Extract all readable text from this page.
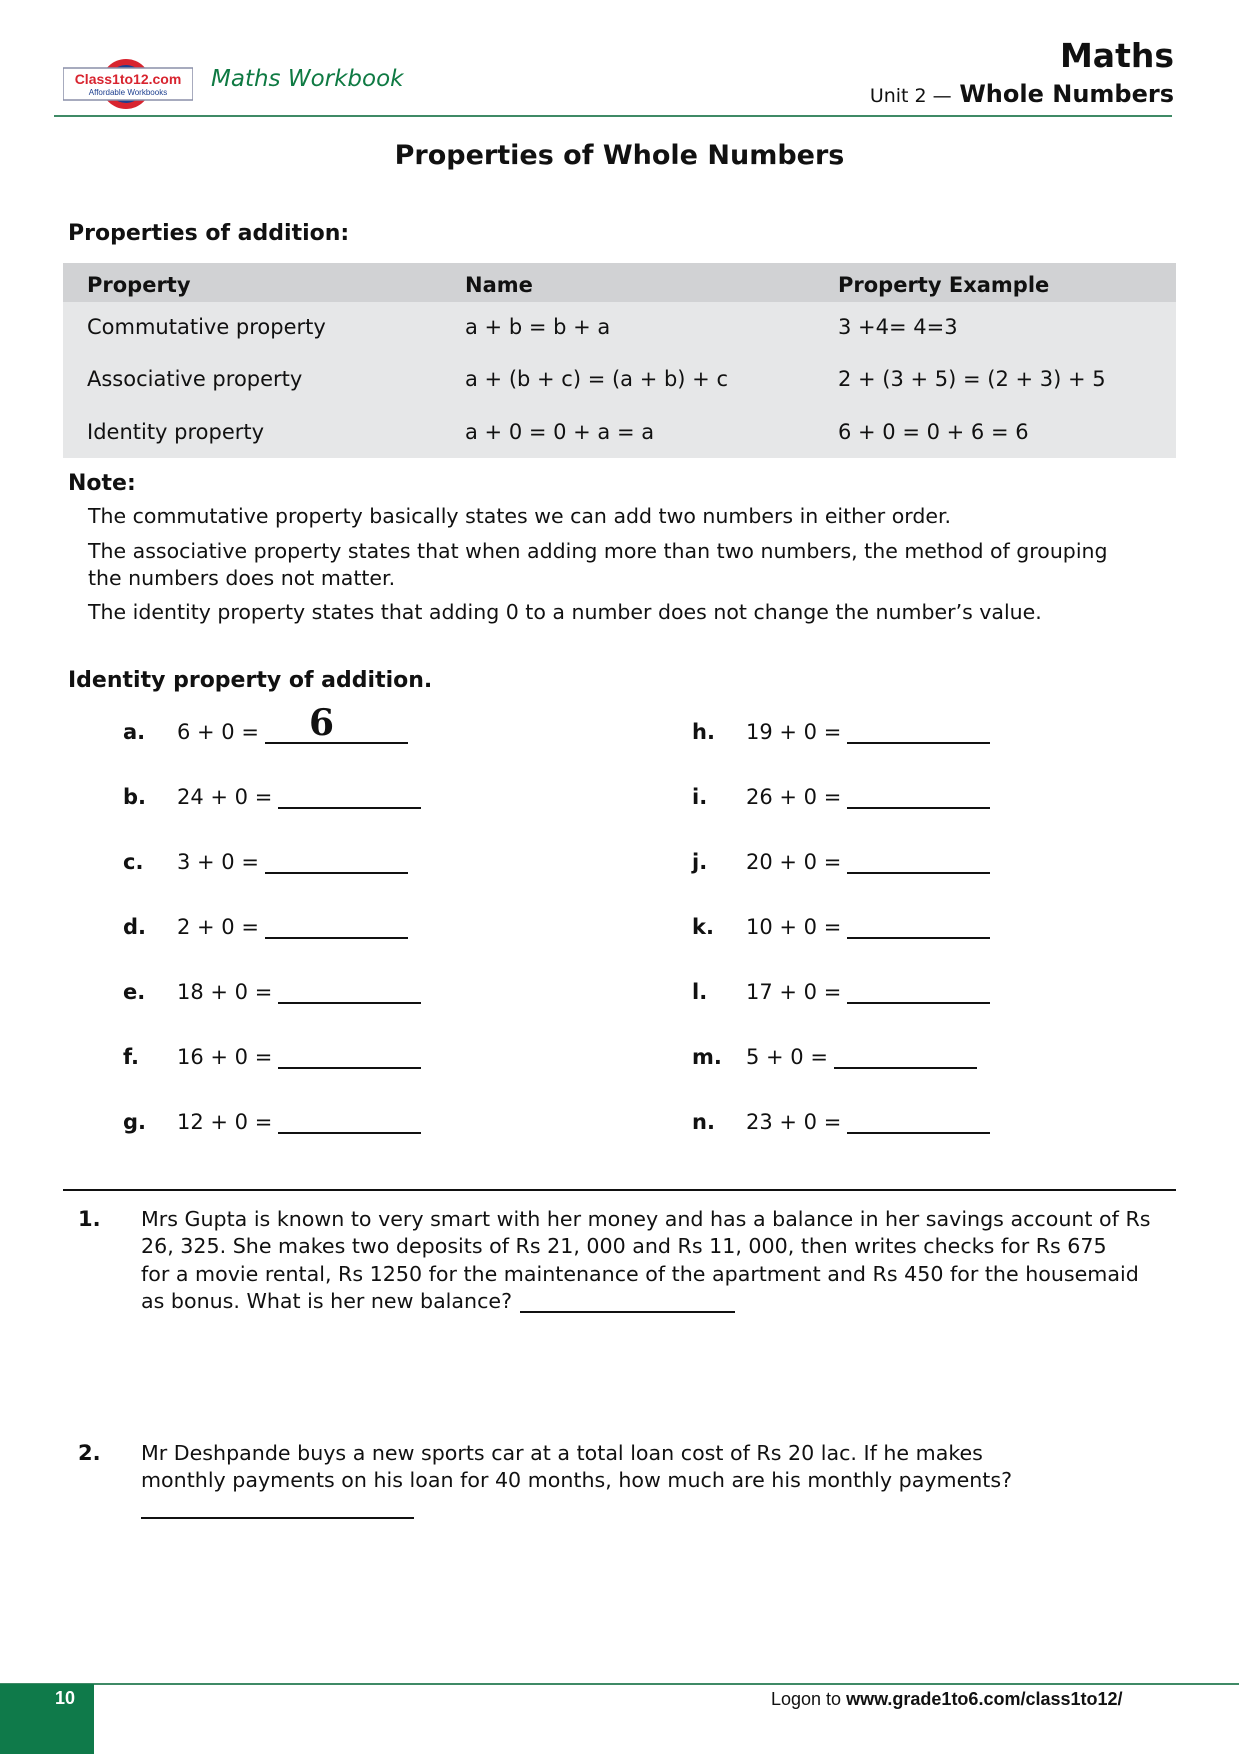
Class1to12.com
Affordable Workbooks
Maths Workbook
Maths
Unit 2 — Whole Numbers
Properties of Whole Numbers
Properties of addition:
Property	Name	Property Example
Commutative property	a + b = b + a	3 +4= 4=3
Associative property	a + (b + c) = (a + b) + c	2 + (3 + 5) = (2 + 3) + 5
Identity property	a + 0 = 0 + a = a	6 + 0 = 0 + 6 = 6
Note:
The commutative property basically states we can add two numbers in either order.
The associative property states that when adding more than two numbers, the method of grouping
the numbers does not matter.
The identity property states that adding 0 to a number does not change the number’s value.
Identity property of addition.
a. 6 + 0 = 6
b. 24 + 0 =
c. 3 + 0 =
d. 2 + 0 =
e. 18 + 0 =
f. 16 + 0 =
g. 12 + 0 =
h. 19 + 0 =
i. 26 + 0 =
j. 20 + 0 =
k. 10 + 0 =
l. 17 + 0 =
m. 5 + 0 =
n. 23 + 0 =
1. Mrs Gupta is known to very smart with her money and has a balance in her savings account of Rs
26, 325. She makes two deposits of Rs 21, 000 and Rs 11, 000, then writes checks for Rs 675
for a movie rental, Rs 1250 for the maintenance of the apartment and Rs 450 for the housemaid
as bonus. What is her new balance?
2. Mr Deshpande buys a new sports car at a total loan cost of Rs 20 lac. If he makes
monthly payments on his loan for 40 months, how much are his monthly payments?
10	Logon to www.grade1to6.com/class1to12/
